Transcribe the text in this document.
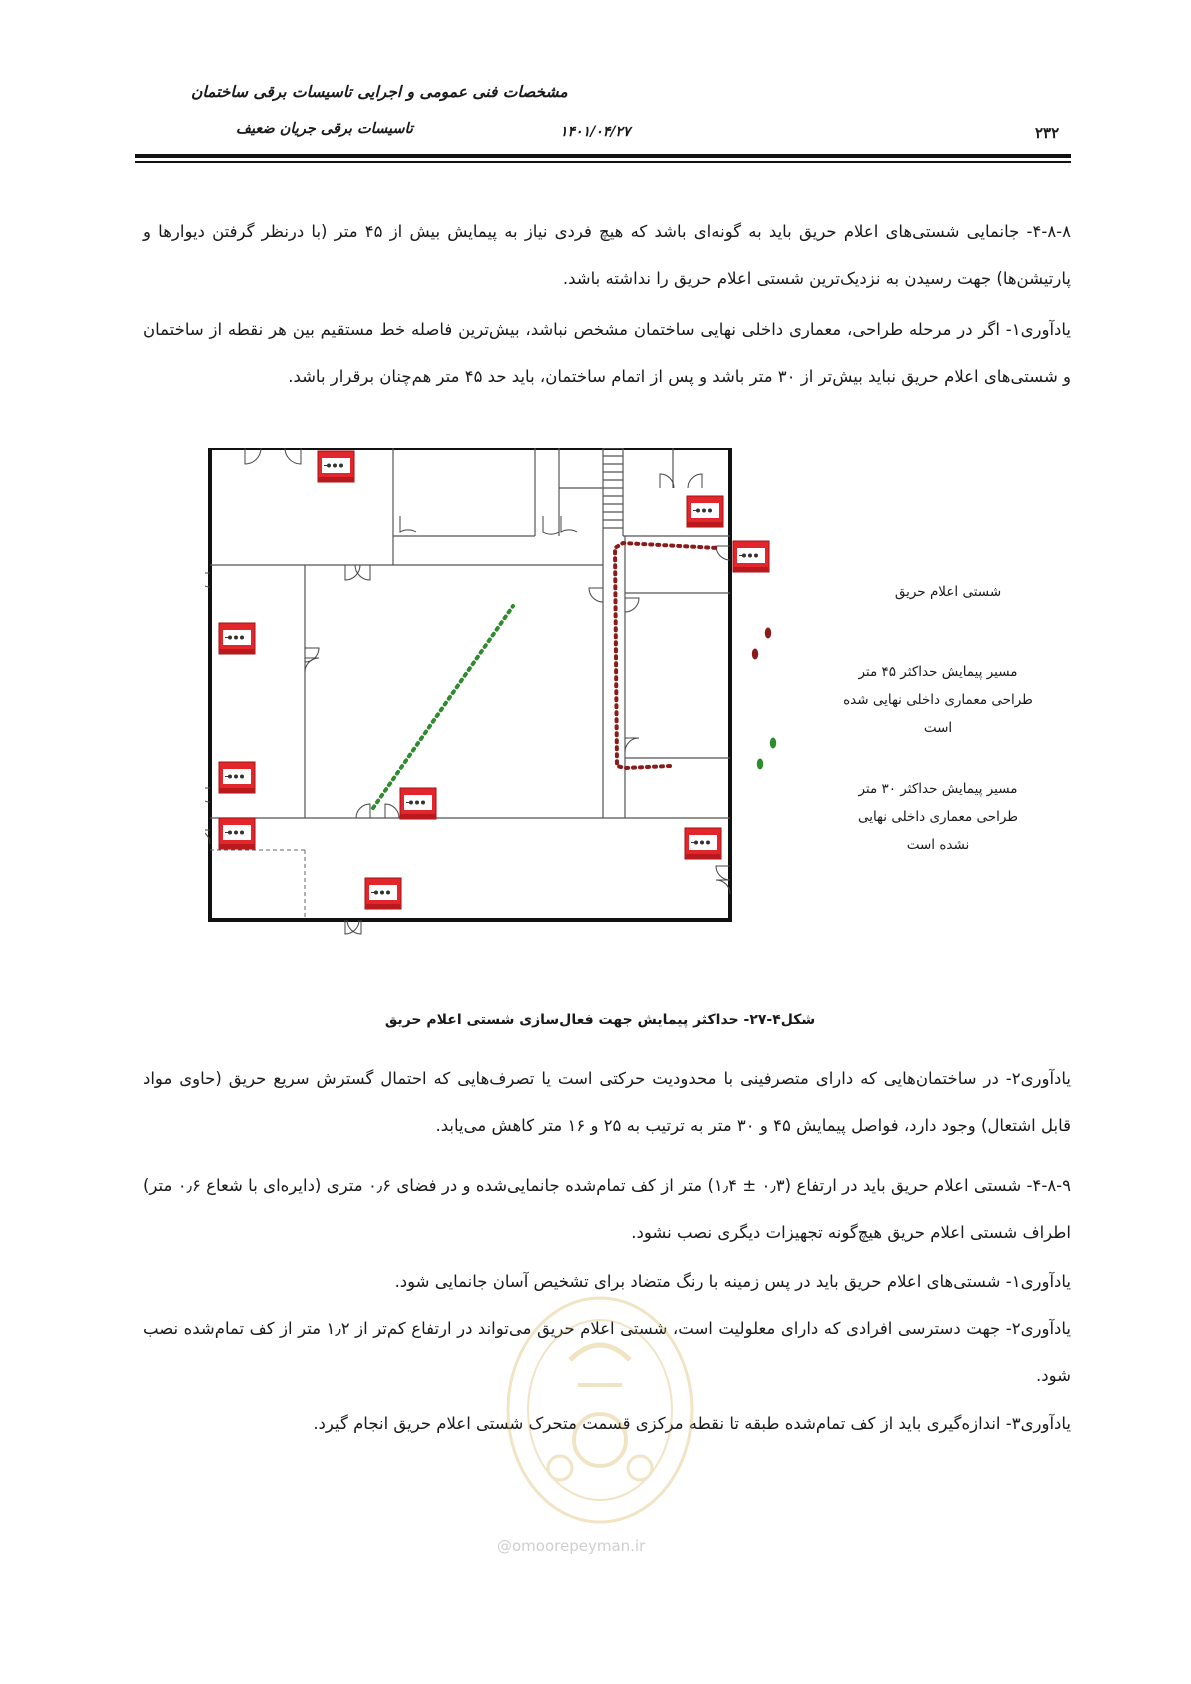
مشخصات فنی عمومی و اجرایی تاسیسات برقی ساختمان
تاسیسات برقی جریان ضعیف	۱۴۰۱/۰۴/۲۷	۲۳۲
۴-۸-۸- جانمایی شستی‌های اعلام حریق باید به گونه‌ای باشد که هیچ فردی نیاز به پیمایش بیش از ۴۵ متر (با درنظر گرفتن دیوارها و پارتیشن‌ها) جهت رسیدن به نزدیک‌ترین شستی اعلام حریق را نداشته باشد.
یادآوری۱- اگر در مرحله طراحی، معماری داخلی نهایی ساختمان مشخص نباشد، بیش‌ترین فاصله خط مستقیم بین هر نقطه از ساختمان و شستی‌های اعلام حریق نباید بیش‌تر از ۳۰ متر باشد و پس از اتمام ساختمان، باید حد ۴۵ متر هم‌چنان برقرار باشد.
شستی اعلام حریق
مسیر پیمایش حداکثر ۴۵ متر
طراحی معماری داخلی نهایی شده
است
مسیر پیمایش حداکثر ۳۰ متر
طراحی معماری داخلی نهایی
نشده است
شکل۴-۲۷- حداکثر پیمایش جهت فعال‌سازی شستی اعلام حریق
یادآوری۲- در ساختمان‌هایی که دارای متصرفینی با محدودیت حرکتی است یا تصرف‌هایی که احتمال گسترش سریع حریق (حاوی مواد قابل اشتعال) وجود دارد، فواصل پیمایش ۴۵ و ۳۰ متر به ترتیب به ۲۵ و ۱۶ متر کاهش می‌یابد.
۴-۸-۹- شستی اعلام حریق باید در ارتفاع (۰٫۳ ± ۱٫۴) متر از کف تمام‌شده جانمایی‌شده و در فضای ۰٫۶ متری (دایره‌ای با شعاع ۰٫۶ متر) اطراف شستی اعلام حریق هیچ‌گونه تجهیزات دیگری نصب نشود.
یادآوری۱- شستی‌های اعلام حریق باید در پس زمینه با رنگ متضاد برای تشخیص آسان جانمایی شود.
یادآوری۲- جهت دسترسی افرادی که دارای معلولیت است، شستی اعلام حریق می‌تواند در ارتفاع کم‌تر از ۱٫۲ متر از کف تمام‌شده نصب شود.
یادآوری۳- اندازه‌گیری باید از کف تمام‌شده طبقه تا نقطه مرکزی قسمت متحرک شستی اعلام حریق انجام گیرد.
@omoorepeyman.ir
